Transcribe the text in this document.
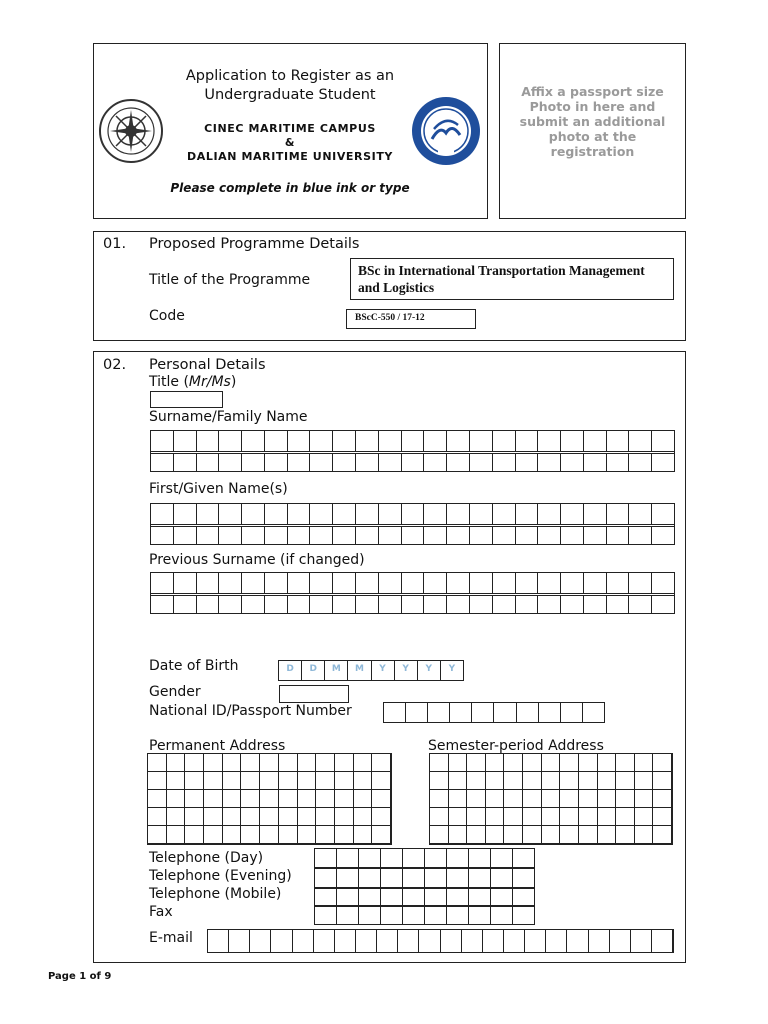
Application to Register as an
Undergraduate Student
CINEC MARITIME CAMPUS
&
DALIAN MARITIME UNIVERSITY
Please complete in blue ink or type
Affix a passport size Photo in here and submit an additional photo at the registration
01. Proposed Programme Details
Title of the Programme
BSc in International Transportation Management and Logistics
Code	BScC-550 / 17-12
02. Personal Details
Title (Mr/Ms)
Surname/Family Name
First/Given Name(s)
Previous Surname (if changed)
Date of Birth	D	D	M	M	Y	Y	Y	Y
Gender
National ID/Passport Number
Permanent Address	Semester-period Address
Telephone (Day)
Telephone (Evening)
Telephone (Mobile)
Fax
E-mail
Page 1 of 9
